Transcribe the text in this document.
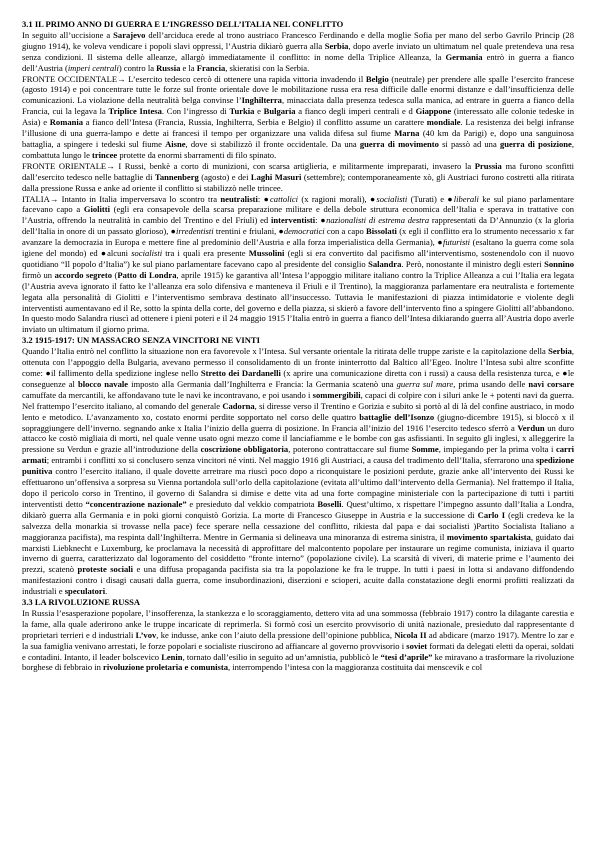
3.1 IL PRIMO ANNO DI GUERRA E L’INGRESSO DELL’ITALIA NEL CONFLITTO

In seguito all’uccisione a Sarajevo dell’arciduca erede al trono austriaco Francesco Ferdinando e della moglie Sofia per mano del serbo Gavrilo Princip (28 giugno 1914), ke voleva vendicare i popoli slavi oppressi, l’Austria dikiarò guerra alla Serbia, dopo averle inviato un ultimatum nel quale pretendeva una resa senza condizioni. Il sistema delle alleanze, allargò immediatamente il conflitto: in nome della Triplice Alleanza, la Germania entrò in guerra a fianco dell’Austria (imperi centrali) contro la Russia e la Francia, skieratisi con la Serbia.

FRONTE OCCIDENTALE→ L’esercito tedesco cercò di ottenere una rapida vittoria invadendo il Belgio (neutrale) per prendere alle spalle l’esercito francese (agosto 1914) e poi concentrare tutte le forze sul fronte orientale dove le mobilitazione russa era resa difficile dalle enormi distanze e dall’insufficienza delle comunicazioni. La violazione della neutralità belga convinse l’Inghilterra, minacciata dalla presenza tedesca sulla manica, ad entrare in guerra a fianco della Francia, cui la legava la Triplice Intesa. Con l’ingresso di Turkia e Bulgaria a fianco degli imperi centrali e d Giappone (interessato alle colonie tedeske in Asia) e Romania a fianco dell’Intesa (Francia, Russia, Inghilterra, Serbia e Belgio) il conflitto assume un carattere mondiale. La resistenza dei belgi infranse l’illusione di una guerra-lampo e dette ai francesi il tempo per organizzare una valida difesa sul fiume Marna (40 km da Parigi) e, dopo una sanguinosa battaglia, a spingere i tedeski sul fiume Aisne, dove si stabilizzò il fronte occidentale. Da una guerra di movimento si passò ad una guerra di posizione, combattuta lungo le trincee protette da enormi sbarramenti di filo spinato.

FRONTE ORIENTALE→ I Russi, benkè a corto di munizioni, con scarsa artiglieria, e militarmente impreparati, invasero la Prussia ma furono sconfitti dall’esercito tedesco nelle battaglie di Tannenberg (agosto) e dei Laghi Masuri (settembre); contemporaneamente xò, gli Austriaci furono costretti alla ritirata dalla pressione Russa e anke ad oriente il conflitto si stabilizzò nelle trincee.

ITALIA→ Intanto in Italia imperversava lo scontro tra neutralisti: ●cattolici (x ragioni morali), ●socialisti (Turati) e ●liberali ke sul piano parlamentare facevano capo a Giolitti (egli era consapevole della scarsa preparazione militare e della debole struttura economica dell’Italia e sperava in trattative con l’Austria, offrendo la neutralità in cambio del Trentino e del Friuli) ed interventisti: ●nazionalisti di estrema destra rappresentati da D’Annunzio (x la gloria dell’Italia in onore di un passato glorioso), ●irredentisti trentini e friulani, ●democratici con a capo Bissolati (x egli il conflitto era lo strumento necessario x far avanzare la democrazia in Europa e mettere fine al predominio dell’Austria e alla forza imperialistica della Germania), ●futuristi (esaltano la guerra come sola igiene del mondo) ed ●alcuni socialisti tra i quali era presente Mussolini (egli si era convertito dal pacifismo all’interventismo, sostenendolo con il nuovo quotidiano “Il popolo d’Italia”) ke sul piano parlamentare facevano capo al presidente del consiglio Salandra. Però, nonostante il ministro degli esteri Sonnino firmò un accordo segreto (Patto di Londra, aprile 1915) ke garantiva all’Intesa l’appoggio militare italiano contro la Triplice Alleanza a cui l’Italia era legata (l’Austria aveva ignorato il fatto ke l’alleanza era solo difensiva e manteneva il Friuli e il Trentino), la maggioranza parlamentare era neutralista e fortemente legata alla personalità di Giolitti e l’interventismo sembrava destinato all’insuccesso. Tuttavia le manifestazioni di piazza intimidatorie e violente degli interventisti aumentavano ed il Re, sotto la spinta della corte, del governo e della piazza, si skierò a favore dell’intervento fino a spingere Giolitti all’abbandono. In questo modo Salandra riuscì ad ottenere i pieni poteri e il 24 maggio 1915 l’Italia entrò in guerra a fianco dell’Intesa dikiarando guerra all’Austria dopo averle inviato un ultimatum il giorno prima.

3.2 1915-1917: UN MASSACRO SENZA VINCITORI NE VINTI

Quando l’Italia entrò nel conflitto la situazione non era favorevole x l’Intesa. Sul versante orientale la ritirata delle truppe zariste e la capitolazione della Serbia, ottenuta con l’appoggio della Bulgaria, avevano permesso il consolidamento di un fronte ininterrotto dal Baltico all’Egeo. Inoltre l’Intesa subì altre sconfitte come: ●il fallimento della spedizione inglese nello Stretto dei Dardanelli (x aprire una comunicazione diretta con i russi) a causa della resistenza turca, e ●le conseguenze al blocco navale imposto alla Germania dall’Inghilterra e Francia: la Germania scatenò una guerra sul mare, prima usando delle navi corsare camuffate da mercantili, ke affondavano tute le navi ke incontravano, e poi usando i sommergibili, capaci di colpire con i siluri anke le + potenti navi da guerra. Nel frattempo l’esercito italiano, al comando del generale Cadorna, si diresse verso il Trentino e Gorizia e subito si portò al di là del confine austriaco, in modo lento e metodico. L’avanzamento xo, costato enormi perdite sopportato nel corso delle quattro battaglie dell’Isonzo (giugno-dicembre 1915), si bloccò x il sopraggiungere dell’inverno. segnando anke x Italia l’inizio della guerra di posizione. In Francia all’inizio del 1916 l’esercito tedesco sferrò a Verdun un duro attacco ke costò migliaia di morti, nel quale venne usato ogni mezzo come il lanciafiamme e le bombe con gas asfissianti. In seguito gli inglesi, x alleggerire la pressione su Verdun e grazie all’introduzione della coscrizione obbligatoria, poterono contrattaccare sul fiume Somme, impiegando per la prima volta i carri armati; entrambi i conflitti xo si conclusero senza vincitori né vinti. Nel maggio 1916 gli Austriaci, a causa del tradimento dell’Italia, sferrarono una spedizione punitiva contro l’esercito italiano, il quale dovette arretrare ma riuscì poco dopo a riconquistare le posizioni perdute, grazie anke all’intervento dei Russi ke effettuarono un’offensiva a sorpresa su Vienna portandola sull’orlo della capitolazione (evitata all’ultimo dall’intervento della Germania). Nel frattempo il Italia, dopo il pericolo corso in Trentino, il governo di Salandra si dimise e dette vita ad una forte compagine ministeriale con la partecipazione di tutti i partiti interventisti detto “concentrazione nazionale” e presieduto dal vekkio compatriota Boselli. Quest’ultimo, x rispettare l’impegno assunto dall’Italia a Londra, dikiarò guerra alla Germania e in poki giorni conquistò Gorizia. La morte di Francesco Giuseppe in Austria e la successione di Carlo I (egli credeva ke la salvezza della monarkia si trovasse nella pace) fece sperare nella cessazione del conflitto, rikiesta dal papa e dai socialisti )Partito Socialista Italiano a maggioranza pacifista), ma respinta dall’Inghilterra. Mentre in Germania si delineava una minoranza di estrema sinistra, il movimento spartakista, guidato dai marxisti Liebknecht e Luxemburg, ke proclamava la necessità di approfittare del malcontento popolare per instaurare un regime comunista, iniziava il quarto inverno di guerra, caratterizzato dal logoramento del cosiddetto “fronte interno” (popolazione civile). La scarsità di viveri, di materie prime e l’aumento dei prezzi, scatenò proteste sociali e una diffusa propaganda pacifista sia tra la popolazione ke fra le truppe. In tutti i paesi in lotta si andavano diffondendo manifestazioni contro i disagi causati dalla guerra, come insubordinazioni, diserzioni e scioperi, acuite dalla constatazione degli enormi profitti realizzati da industriali e speculatori.

3.3 LA RIVOLUZIONE RUSSA

In Russia l’esasperazione popolare, l’insofferenza, la stankezza e lo scoraggiamento, dettero vita ad una sommossa (febbraio 1917) contro la dilagante carestia e la fame, alla quale aderirono anke le truppe incaricate di reprimerla. Si formò così un esercito provvisorio di unità nazionale, presieduto dal rappresentante d proprietari terrieri e d industriali L’vov, ke indusse, anke con l’aiuto della pressione dell’opinione pubblica, Nicola II ad abdicare (marzo 1917). Mentre lo zar e la sua famiglia venivano arrestati, le forze popolari e socialiste riuscirono ad affiancare al governo provvisorio i soviet formati da delegati eletti da operai, soldati e contadini. Intanto, il leader bolscevico Lenin, tornato dall’esilio in seguito ad un’amnistia, pubblicò le “tesi d’aprile” ke miravano a trasformare la rivoluzione borghese di febbraio in rivoluzione proletaria e comunista, interrompendo l’intesa con la maggioranza costituita dai menscevik e col
